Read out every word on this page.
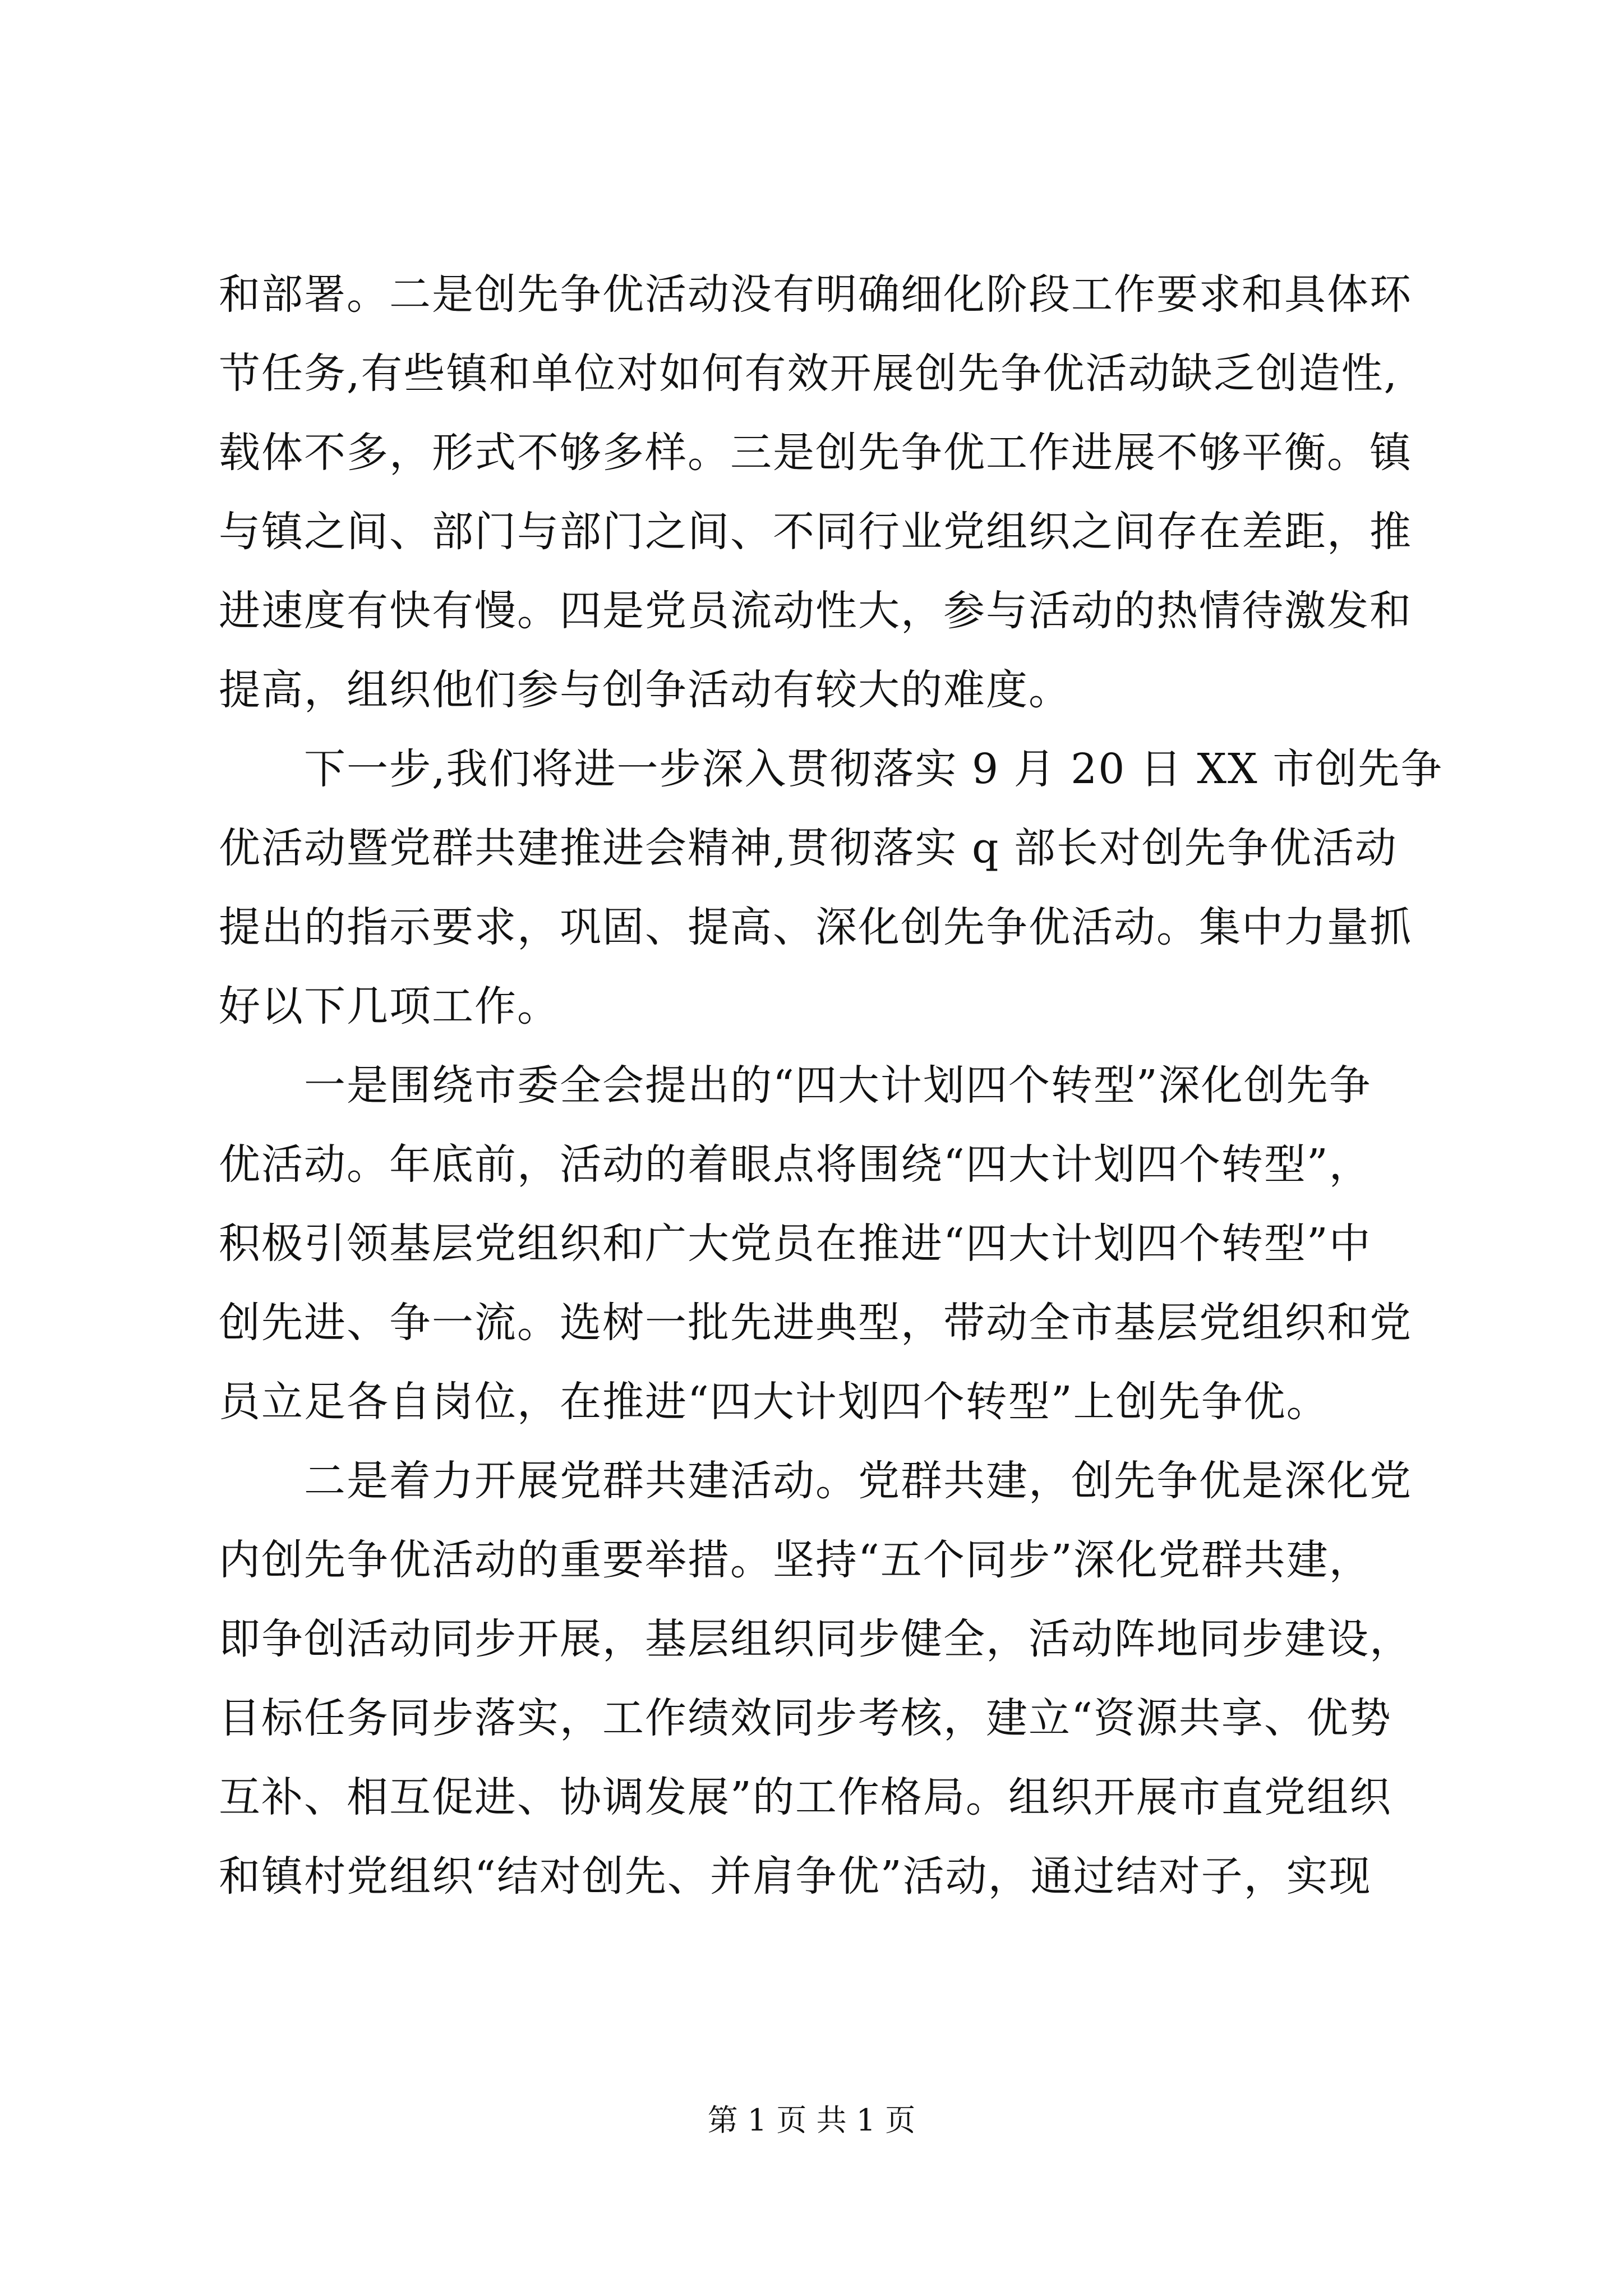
和部署。二是创先争优活动没有明确细化阶段工作要求和具体环
节任务,有些镇和单位对如何有效开展创先争优活动缺乏创造性,
载体不多，形式不够多样。三是创先争优工作进展不够平衡。镇
与镇之间、部门与部门之间、不同行业党组织之间存在差距，推
进速度有快有慢。四是党员流动性大，参与活动的热情待激发和
提高，组织他们参与创争活动有较大的难度。
　　下一步,我们将进一步深入贯彻落实 9 月 20 日 XX 市创先争
优活动暨党群共建推进会精神,贯彻落实 q 部长对创先争优活动
提出的指示要求，巩固、提高、深化创先争优活动。集中力量抓
好以下几项工作。
　　一是围绕市委全会提出的“四大计划四个转型”深化创先争
优活动。年底前，活动的着眼点将围绕“四大计划四个转型”，
积极引领基层党组织和广大党员在推进“四大计划四个转型”中
创先进、争一流。选树一批先进典型，带动全市基层党组织和党
员立足各自岗位，在推进“四大计划四个转型”上创先争优。
　　二是着力开展党群共建活动。党群共建，创先争优是深化党
内创先争优活动的重要举措。坚持“五个同步”深化党群共建，
即争创活动同步开展，基层组织同步健全，活动阵地同步建设，
目标任务同步落实，工作绩效同步考核，建立“资源共享、优势
互补、相互促进、协调发展”的工作格局。组织开展市直党组织
和镇村党组织“结对创先、并肩争优”活动，通过结对子，实现
第 1 页 共 1 页
